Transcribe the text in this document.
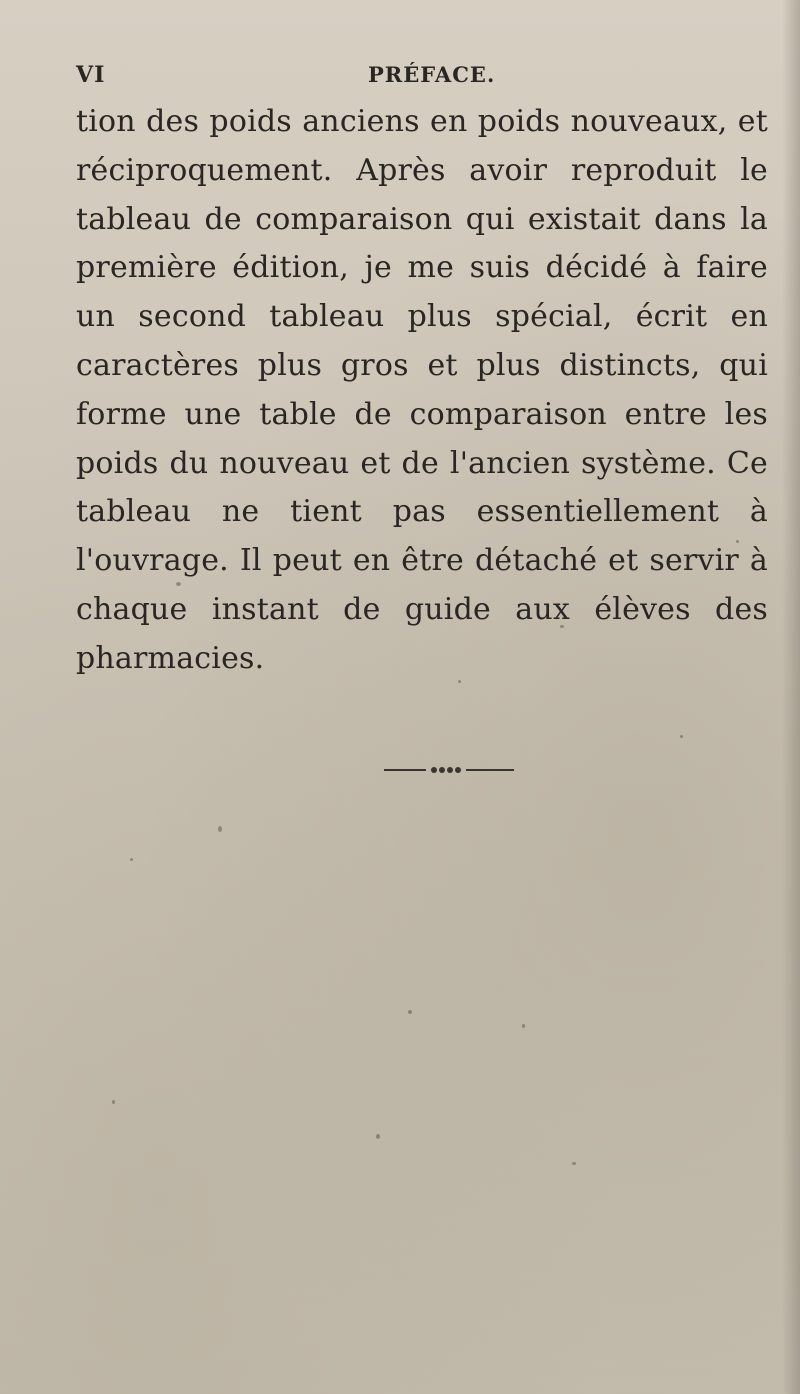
VI	PRÉFACE.

tion des poids anciens en poids nouveaux, et réciproquement. Après avoir reproduit le tableau de comparaison qui existait dans la première édition, je me suis décidé à faire un second tableau plus spécial, écrit en caractères plus gros et plus distincts, qui forme une table de comparaison entre les poids du nouveau et de l'ancien système. Ce tableau ne tient pas essentiellement à l'ouvrage. Il peut en être détaché et servir à chaque instant de guide aux élèves des pharmacies.
